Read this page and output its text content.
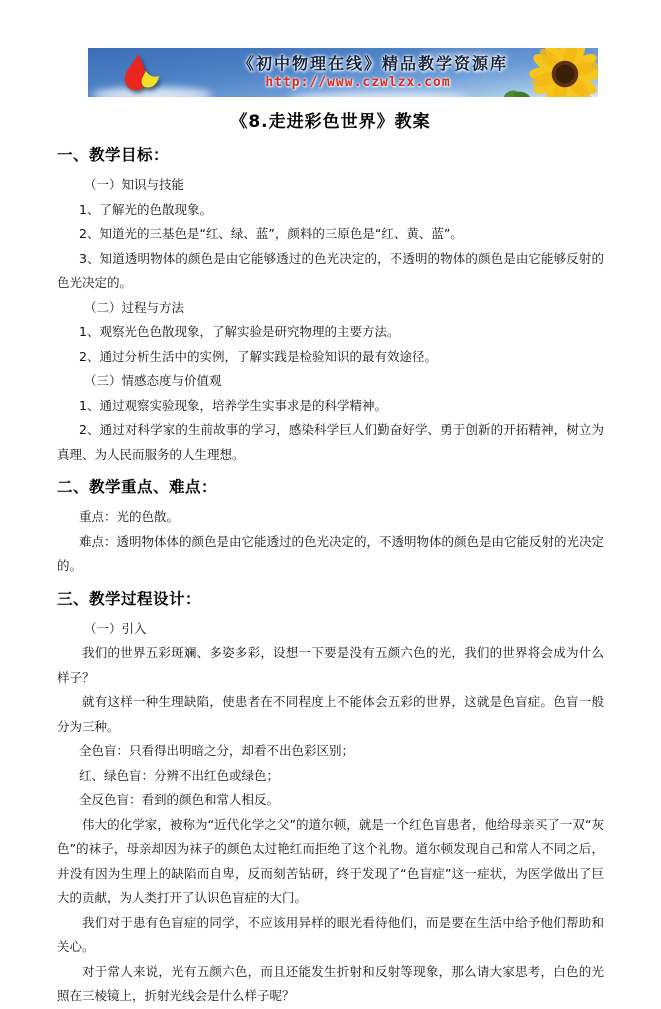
《初中物理在线》精品教学资源库
http://www.czwlzx.com
《8.走进彩色世界》教案

一、教学目标：

（一）知识与技能

1、了解光的色散现象。

2、知道光的三基色是“红、绿、蓝”，颜料的三原色是“红、黄、蓝”。

3、知道透明物体的颜色是由它能够透过的色光决定的，不透明的物体的颜色是由它能够反射的色光决定的。

（二）过程与方法

1、观察光色色散现象，了解实验是研究物理的主要方法。

2、通过分析生活中的实例，了解实践是检验知识的最有效途径。

（三）情感态度与价值观

1、通过观察实验现象，培养学生实事求是的科学精神。

2、通过对科学家的生前故事的学习，感染科学巨人们勤奋好学、勇于创新的开拓精神，树立为真理、为人民而服务的人生理想。

二、教学重点、难点：

重点：光的色散。

难点：透明物体体的颜色是由它能透过的色光决定的，不透明物体的颜色是由它能反射的光决定的。

三、教学过程设计：

（一）引入

我们的世界五彩斑斓、多姿多彩，设想一下要是没有五颜六色的光，我们的世界将会成为什么样子？

就有这样一种生理缺陷，使患者在不同程度上不能体会五彩的世界，这就是色盲症。色盲一般分为三种。

全色盲：只看得出明暗之分，却看不出色彩区别；

红、绿色盲：分辨不出红色或绿色；

全反色盲：看到的颜色和常人相反。

伟大的化学家，被称为“近代化学之父”的道尔顿，就是一个红色盲患者，他给母亲买了一双“灰色”的袜子，母亲却因为袜子的颜色太过艳红而拒绝了这个礼物。道尔顿发现自己和常人不同之后，并没有因为生理上的缺陷而自卑，反而刻苦钻研，终于发现了“色盲症”这一症状，为医学做出了巨大的贡献，为人类打开了认识色盲症的大门。

我们对于患有色盲症的同学，不应该用异样的眼光看待他们，而是要在生活中给予他们帮助和关心。

对于常人来说，光有五颜六色，而且还能发生折射和反射等现象，那么请大家思考，白色的光照在三棱镜上，折射光线会是什么样子呢？
